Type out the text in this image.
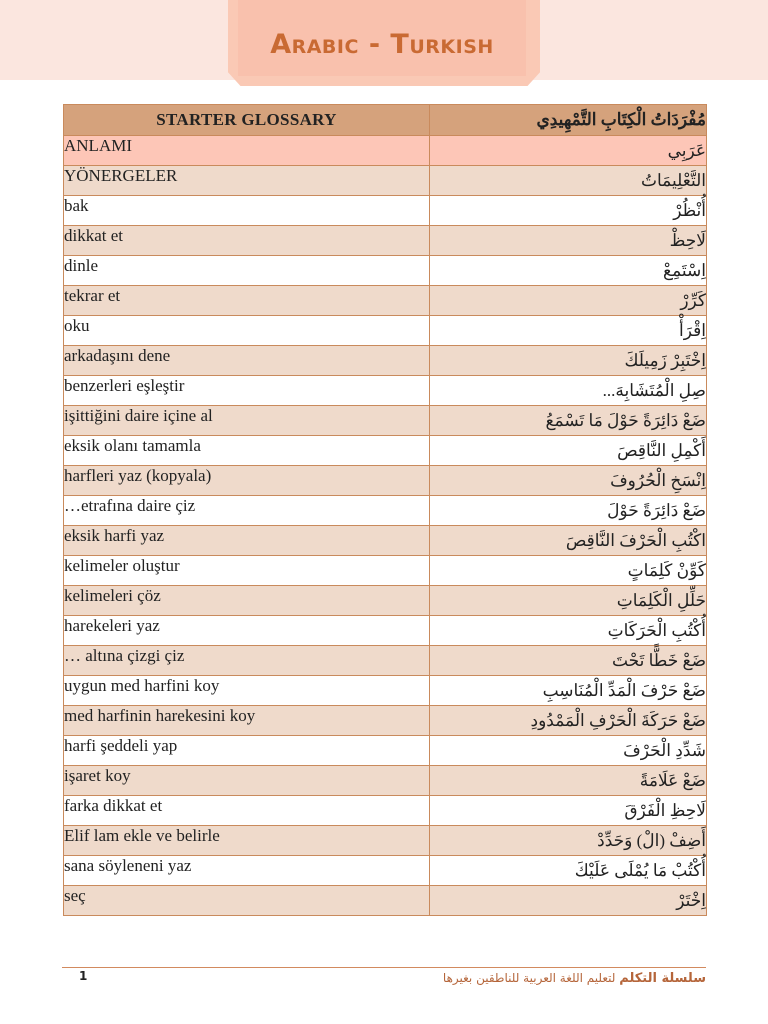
Arabic - Turkish
STARTER GLOSSARY	مُفْرَدَاتُ الْكِتَابِ التَّمْهِيدِي
ANLAMI	عَرَبِي
YÖNERGELER	التَّعْلِيمَاتُ
bak	أُنْظُرْ
dikkat et	لَاحِظْ
dinle	اِسْتَمِعْ
tekrar et	كَرِّرْ
oku	اِقْرَأْ
arkadaşını dene	اِخْتَبِرْ زَمِيلَكَ
benzerleri eşleştir	صِلِ الْمُتَشَابِهَ...
işittiğini daire içine al	ضَعْ دَائِرَةً حَوْلَ مَا تَسْمَعُ
eksik olanı tamamla	أَكْمِلِ النَّاقِصَ
harfleri yaz (kopyala)	اِنْسَخِ الْحُرُوفَ
…etrafına daire çiz	ضَعْ دَائِرَةً حَوْلَ
eksik harfi yaz	اكْتُبِ الْحَرْفَ النَّاقِصَ
kelimeler oluştur	كَوِّنْ كَلِمَاتٍ
kelimeleri çöz	حَلِّلِ الْكَلِمَاتِ
harekeleri yaz	أُكْتُبِ الْحَرَكَاتِ
… altına çizgi çiz	ضَعْ خَطًّا تَحْتَ
uygun med harfini koy	ضَعْ حَرْفَ الْمَدِّ الْمُنَاسِبِ
med harfinin harekesini koy	ضَعْ حَرَكَةَ الْحَرْفِ الْمَمْدُودِ
harfi şeddeli yap	شَدِّدِ الْحَرْفَ
işaret koy	ضَعْ عَلَامَةً
farka dikkat et	لَاحِظِ الْفَرْقَ
Elif lam ekle ve belirle	أَضِفْ (الْ) وَحَدِّدْ
sana söyleneni yaz	أُكْتُبْ مَا يُمْلَى عَلَيْكَ
seç	اِخْتَرْ
1	سلسلة التكلم لتعليم اللغة العربية للناطقين بغيرها
